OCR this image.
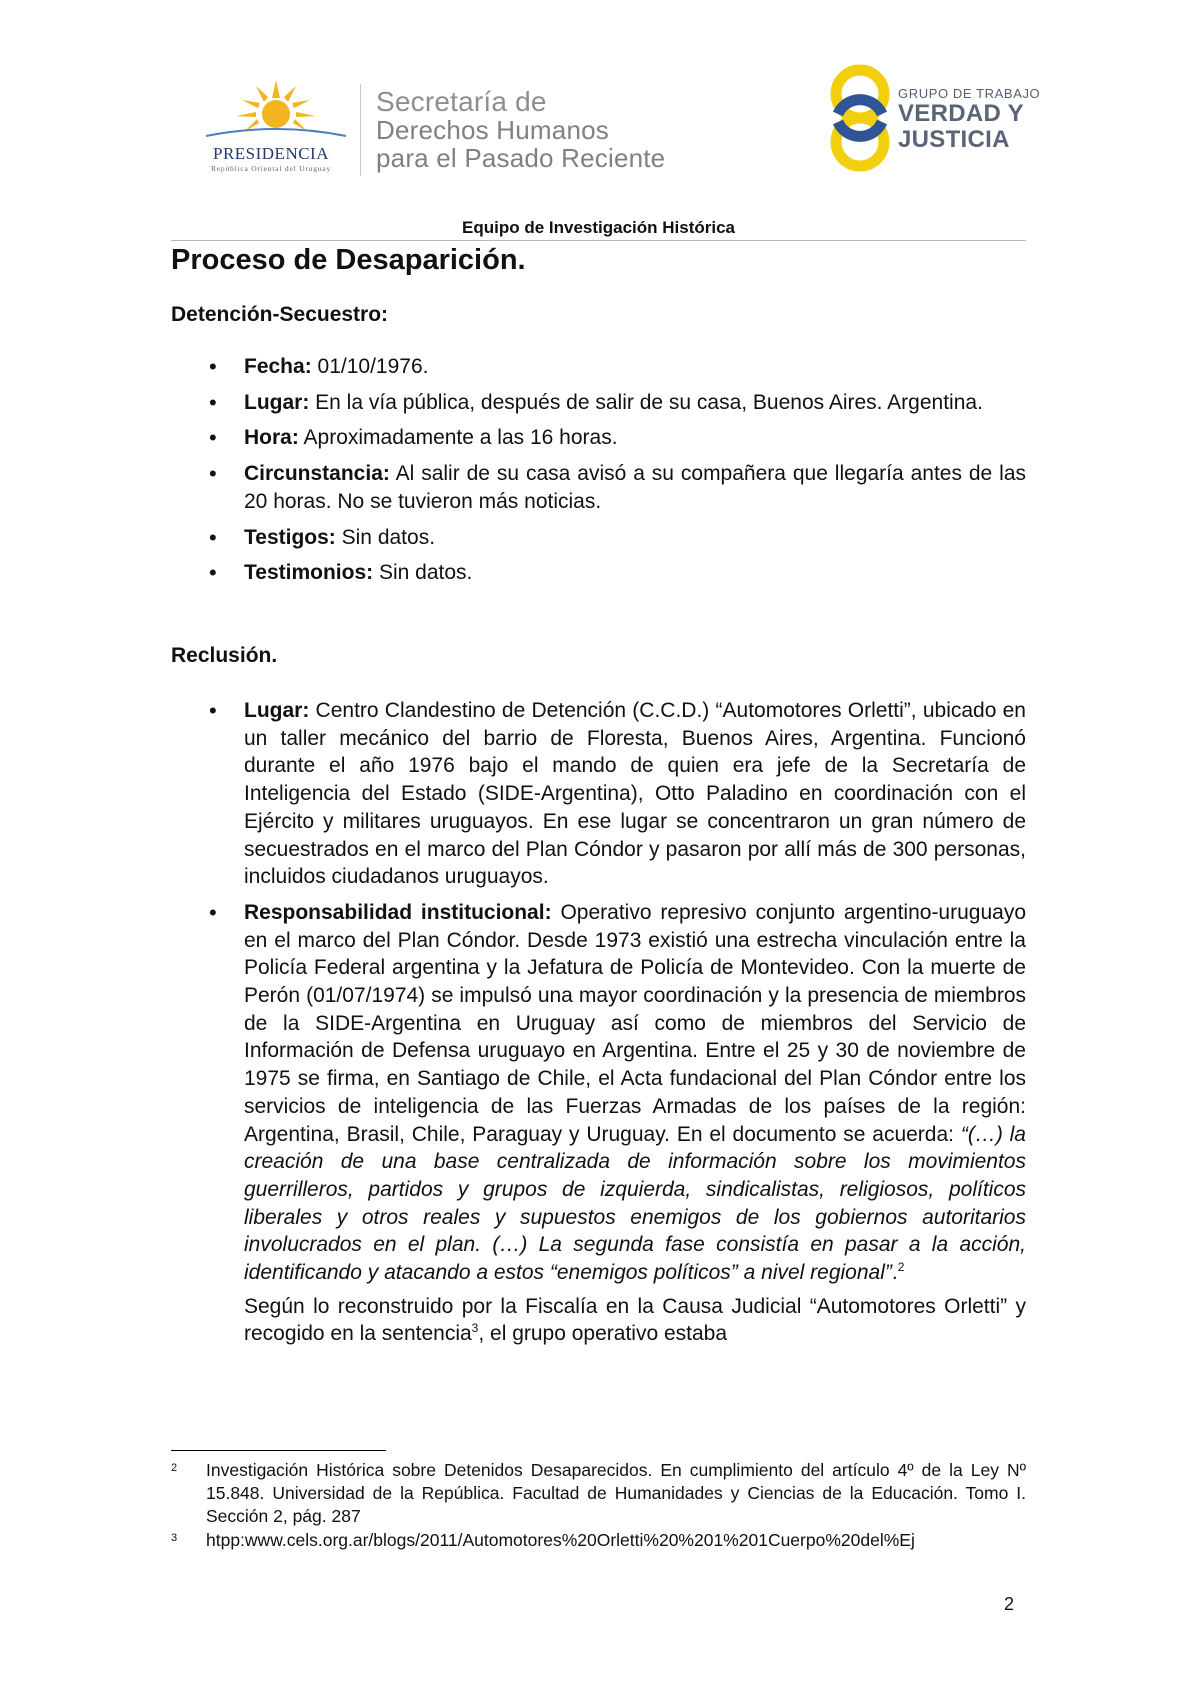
PRESIDENCIA
República Oriental del Uruguay
Secretaría de
Derechos Humanos
para el Pasado Reciente
GRUPO DE TRABAJO
VERDAD Y
JUSTICIA
Equipo de Investigación Histórica
Proceso de Desaparición.
Detención-Secuestro:
•	Fecha: 01/10/1976.
•	Lugar: En la vía pública, después de salir de su casa, Buenos Aires. Argentina.
•	Hora: Aproximadamente a las 16 horas.
•	Circunstancia: Al salir de su casa avisó a su compañera que llegaría antes de las 20 horas. No se tuvieron más noticias.
•	Testigos: Sin datos.
•	Testimonios: Sin datos.
Reclusión.
•	Lugar: Centro Clandestino de Detención (C.C.D.) “Automotores Orletti”, ubicado en un taller mecánico del barrio de Floresta, Buenos Aires, Argentina. Funcionó durante el año 1976 bajo el mando de quien era jefe de la Secretaría de Inteligencia del Estado (SIDE-Argentina), Otto Paladino en coordinación con el Ejército y militares uruguayos. En ese lugar se concentraron un gran número de secuestrados en el marco del Plan Cóndor y pasaron por allí más de 300 personas, incluidos ciudadanos uruguayos.
•	Responsabilidad institucional: Operativo represivo conjunto argentino-uruguayo en el marco del Plan Cóndor. Desde 1973 existió una estrecha vinculación entre la Policía Federal argentina y la Jefatura de Policía de Montevideo. Con la muerte de Perón (01/07/1974) se impulsó una mayor coordinación y la presencia de miembros de la SIDE-Argentina en Uruguay así como de miembros del Servicio de Información de Defensa uruguayo en Argentina. Entre el 25 y 30 de noviembre de 1975 se firma, en Santiago de Chile, el Acta fundacional del Plan Cóndor entre los servicios de inteligencia de las Fuerzas Armadas de los países de la región: Argentina, Brasil, Chile, Paraguay y Uruguay. En el documento se acuerda: “(…) la creación de una base centralizada de información sobre los movimientos guerrilleros, partidos y grupos de izquierda, sindicalistas, religiosos, políticos liberales y otros reales y supuestos enemigos de los gobiernos autoritarios involucrados en el plan. (…) La segunda fase consistía en pasar a la acción, identificando y atacando a estos “enemigos políticos” a nivel regional”.$^2$

Según lo reconstruido por la Fiscalía en la Causa Judicial “Automotores Orletti” y recogido en la sentencia$^3$, el grupo operativo estaba

2 Investigación Histórica sobre Detenidos Desaparecidos. En cumplimiento del artículo 4º de la Ley Nº 15.848. Universidad de la República. Facultad de Humanidades y Ciencias de la Educación. Tomo I. Sección 2, pág. 287
3 htpp:www.cels.org.ar/blogs/2011/Automotores%20Orletti%20%201%201Cuerpo%20del%Ej
2
